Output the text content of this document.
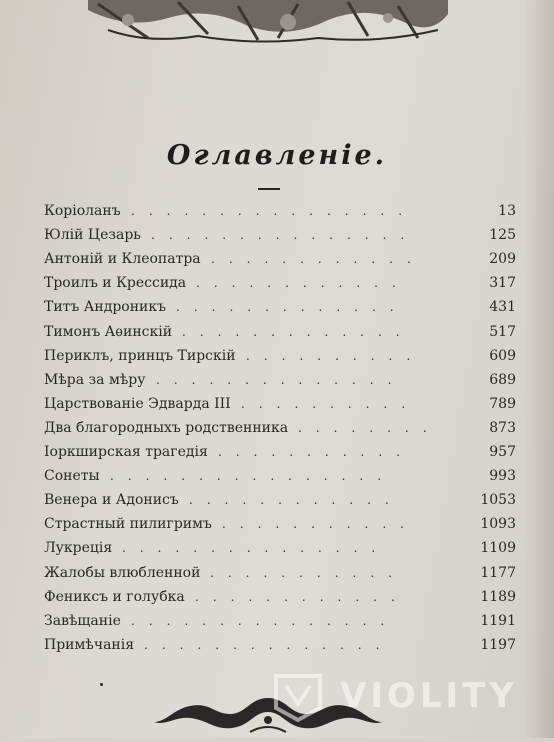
Оглавленіе.
Коріоланъ ................	13
Юлій Цезарь ...............	125
Антоній и Клеопатра ............	209
Троилъ и Крессида ............	317
Титъ Андроникъ .............	431
Тимонъ Аѳинскій .............	517
Периклъ, принцъ Тирскій ..........	609
Мѣра за мѣру ..............	689
Царствованіе Эдварда III ..........	789
Два благородныхъ родственника ........	873
Іоркширская трагедія ...........	957
Сонеты ................	993
Венера и Адонисъ ............	1053
Страстный пилигримъ ...........	1093
Лукреція ...............	1109
Жалобы влюбленной ...........	1177
Фениксъ и голубка ............	1189
Завѣщаніе ...............	1191
Примѣчанія ..............	1197
VIOLITY
